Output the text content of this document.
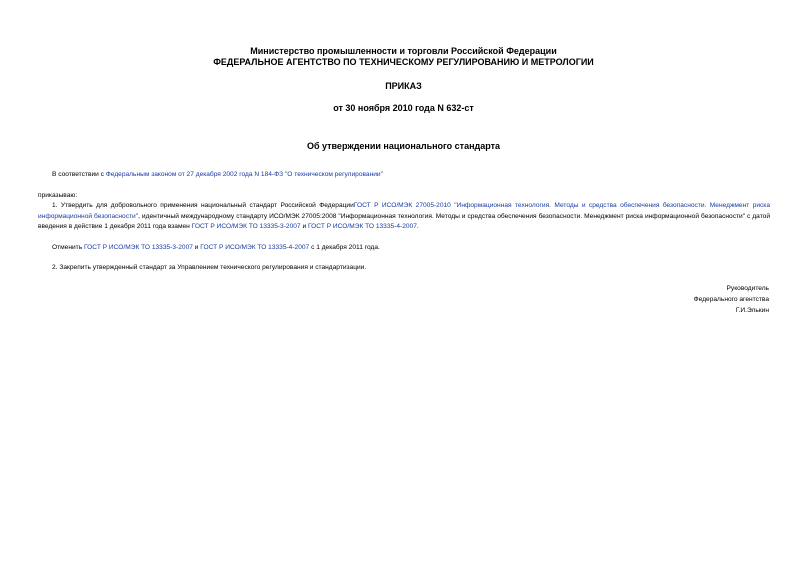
Министерство промышленности и торговли Российской Федерации
ФЕДЕРАЛЬНОЕ АГЕНТСТВО ПО ТЕХНИЧЕСКОМУ РЕГУЛИРОВАНИЮ И МЕТРОЛОГИИ
ПРИКАЗ
от 30 ноября 2010 года N 632-ст
Об утверждении национального стандарта
В соответствии с Федеральным законом от 27 декабря 2002 года N 184-ФЗ "О техническом регулировании"
приказываю:
1. Утвердить для добровольного применения национальный стандарт Российской ФедерацииГОСТ Р ИСО/МЭК 27005-2010 "Информационная технология. Методы и средства обеспечения безопасности. Менеджмент риска информационной безопасности", идентичный международному стандарту ИСО/МЭК 27005:2008 "Информационная технология. Методы и средства обеспечения безопасности. Менеджмент риска информационной безопасности" с датой введения в действие 1 декабря 2011 года взамен ГОСТ Р ИСО/МЭК ТО 13335-3-2007 и ГОСТ Р ИСО/МЭК ТО 13335-4-2007.
Отменить ГОСТ Р ИСО/МЭК ТО 13335-3-2007 и ГОСТ Р ИСО/МЭК ТО 13335-4-2007 с 1 декабря 2011 года.
2. Закрепить утвержденный стандарт за Управлением технического регулирования и стандартизации.
Руководитель
Федерального агентства
Г.И.Элькин
